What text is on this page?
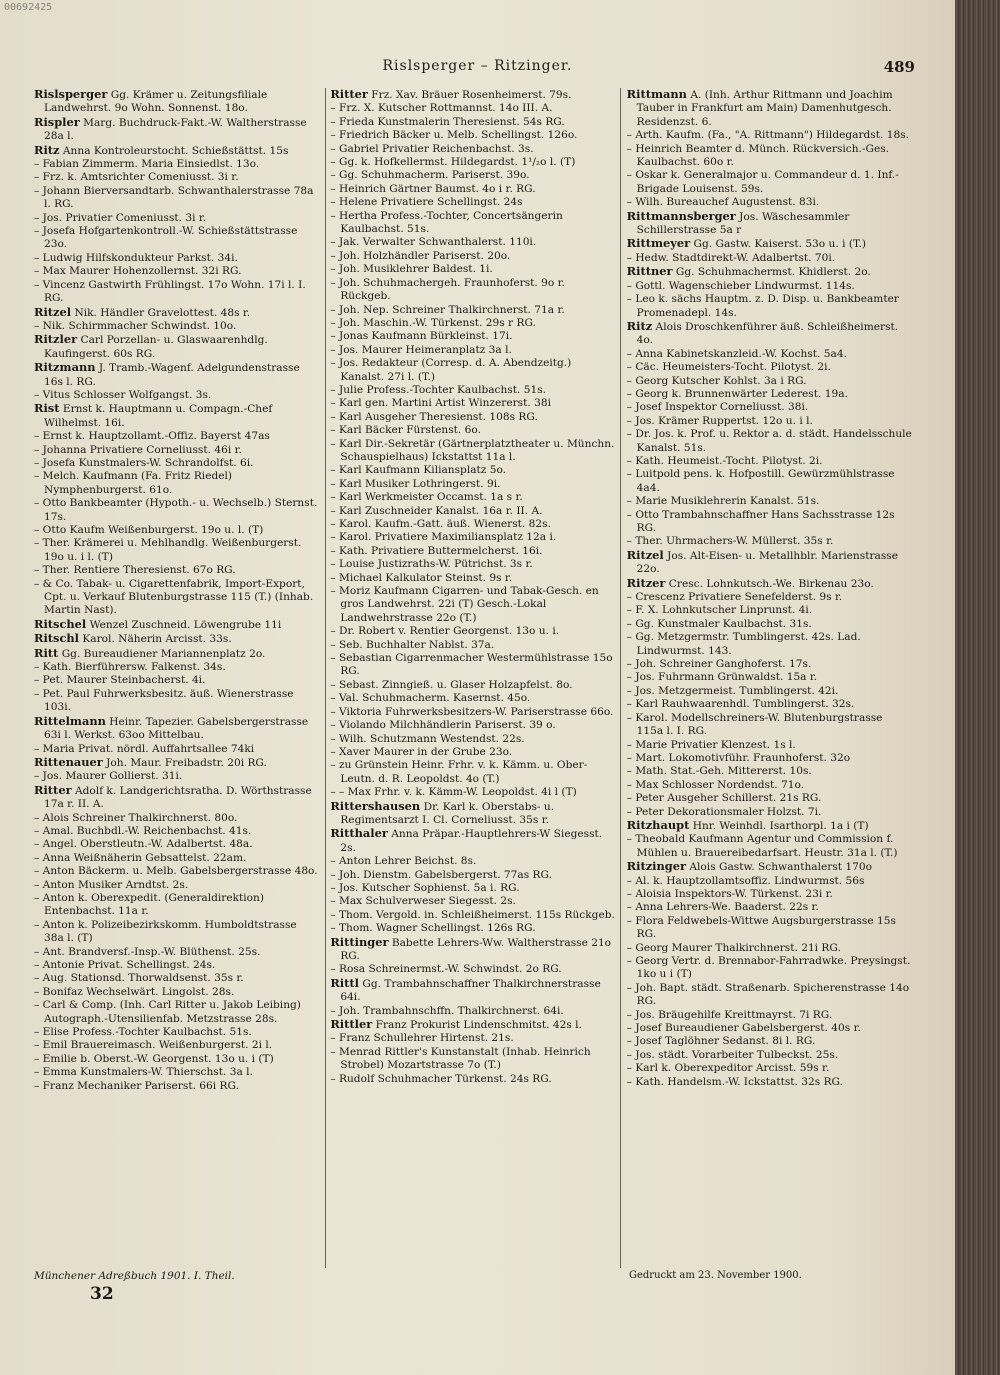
00692425
Rislsperger – Ritzinger.	489
Rislsperger Gg. Krämer u. Zeitungsfiliale Landwehrst. 9o Wohn. Sonnenst. 18o.
Rispler Marg. Buchdruck-Fakt.-W. Waltherstrasse 28a l.
Ritz Anna Kontroleurstocht. Schießstättst. 15s
– Fabian Zimmerm. Maria Einsiedlst. 13o.
– Frz. k. Amtsrichter Comeniusst. 3i r.
– Johann Bierversandtarb. Schwanthalerstrasse 78a l. RG.
– Jos. Privatier Comeniusst. 3i r.
– Josefa Hofgartenkontroll.-W. Schießstättstrasse 23o.
– Ludwig Hilfskondukteur Parkst. 34i.
– Max Maurer Hohenzollernst. 32i RG.
– Vincenz Gastwirth Frühlingst. 17o Wohn. 17i l. I. RG.
Ritzel Nik. Händler Gravelottest. 48s r.
– Nik. Schirmmacher Schwindst. 10o.
Ritzler Carl Porzellan- u. Glaswaarenhdlg. Kaufingerst. 60s RG.
Ritzmann J. Tramb.-Wagenf. Adelgundenstrasse 16s l. RG.
– Vitus Schlosser Wolfgangst. 3s.
Rist Ernst k. Hauptmann u. Compagn.-Chef Wilhelmst. 16i.
– Ernst k. Hauptzollamt.-Offiz. Bayerst 47as
– Johanna Privatiere Corneliusst. 46i r.
– Josefa Kunstmalers-W. Schrandolfst. 6i.
– Melch. Kaufmann (Fa. Fritz Riedel) Nymphenburgerst. 61o.
– Otto Bankbeamter (Hypoth.- u. Wechselb.) Sternst. 17s.
– Otto Kaufm Weißenburgerst. 19o u. l. (T)
– Ther. Krämerei u. Mehlhandlg. Weißenburgerst. 19o u. i l. (T)
– Ther. Rentiere Theresienst. 67o RG.
– & Co. Tabak- u. Cigarettenfabrik, Import-Export, Cpt. u. Verkauf Blutenburgstrasse 115 (T.) (Inhab. Martin Nast).
Ritschel Wenzel Zuschneid. Löwengrube 11i
Ritschl Karol. Näherin Arcisst. 33s.
Ritt Gg. Bureaudiener Mariannenplatz 2o.
– Kath. Bierführersw. Falkenst. 34s.
– Pet. Maurer Steinbacherst. 4i.
– Pet. Paul Fuhrwerksbesitz. äuß. Wienerstrasse 103i.
Rittelmann Heinr. Tapezier. Gabelsbergerstrasse 63i l. Werkst. 63oo Mittelbau.
– Maria Privat. nördl. Auffahrtsallee 74ki
Rittenauer Joh. Maur. Freibadstr. 20i RG.
– Jos. Maurer Gollierst. 31i.
Ritter Adolf k. Landgerichtsratha. D. Wörthstrasse 17a r. II. A.
– Alois Schreiner Thalkirchnerst. 80o.
– Amal. Buchbdl.-W. Reichenbachst. 41s.
– Angel. Oberstleutn.-W. Adalbertst. 48a.
– Anna Weißnäherin Gebsattelst. 22am.
– Anton Bäckerm. u. Melb. Gabelsbergerstrasse 48o.
– Anton Musiker Arndtst. 2s.
– Anton k. Oberexpedit. (Generaldirektion) Entenbachst. 11a r.
– Anton k. Polizeibezirkskomm. Humboldtstrasse 38a l. (T)
– Ant. Brandversf.-Insp.-W. Blüthenst. 25s.
– Antonie Privat. Schellingst. 24s.
– Aug. Stationsd. Thorwaldsenst. 35s r.
– Bonifaz Wechselwärt. Lingolst. 28s.
– Carl & Comp. (Inh. Carl Ritter u. Jakob Leibing) Autograph.-Utensilienfab. Metzstrasse 28s.
– Elise Profess.-Tochter Kaulbachst. 51s.
– Emil Brauereimasch. Weißenburgerst. 2i l.
– Emilie b. Oberst.-W. Georgenst. 13o u. i (T)
– Emma Kunstmalers-W. Thierschst. 3a l.
– Franz Mechaniker Pariserst. 66i RG.
Ritter Frz. Xav. Bräuer Rosenheimerst. 79s.
– Frz. X. Kutscher Rottmannst. 14o III. A.
– Frieda Kunstmalerin Theresienst. 54s RG.
– Friedrich Bäcker u. Melb. Schellingst. 126o.
– Gabriel Privatier Reichenbachst. 3s.
– Gg. k. Hofkellermst. Hildegardst. 1¹/₂o l. (T)
– Gg. Schuhmacherm. Pariserst. 39o.
– Heinrich Gärtner Baumst. 4o i r. RG.
– Helene Privatiere Schellingst. 24s
– Hertha Profess.-Tochter, Concertsängerin Kaulbachst. 51s.
– Jak. Verwalter Schwanthalerst. 110i.
– Joh. Holzhändler Pariserst. 20o.
– Joh. Musiklehrer Baldest. 1i.
– Joh. Schuhmachergeh. Fraunhoferst. 9o r. Rückgeb.
– Joh. Nep. Schreiner Thalkirchnerst. 71a r.
– Joh. Maschin.-W. Türkenst. 29s r RG.
– Jonas Kaufmann Bürkleinst. 17i.
– Jos. Maurer Heimeranplatz 3a l.
– Jos. Redakteur (Corresp. d. A. Abendzeitg.) Kanalst. 27i l. (T.)
– Julie Profess.-Tochter Kaulbachst. 51s.
– Karl gen. Martini Artist Winzererst. 38i
– Karl Ausgeher Theresienst. 108s RG.
– Karl Bäcker Fürstenst. 6o.
– Karl Dir.-Sekretär (Gärtnerplatztheater u. Münchn. Schauspielhaus) Ickstattst 11a l.
– Karl Kaufmann Kiliansplatz 5o.
– Karl Musiker Lothringerst. 9i.
– Karl Werkmeister Occamst. 1a s r.
– Karl Zuschneider Kanalst. 16a r. II. A.
– Karol. Kaufm.-Gatt. äuß. Wienerst. 82s.
– Karol. Privatiere Maximiliansplatz 12a i.
– Kath. Privatiere Buttermelcherst. 16i.
– Louise Justizraths-W. Pütrichst. 3s r.
– Michael Kalkulator Steinst. 9s r.
– Moriz Kaufmann Cigarren- und Tabak-Gesch. en gros Landwehrst. 22i (T) Gesch.-Lokal Landwehrstrasse 22o (T.)
– Dr. Robert v. Rentier Georgenst. 13o u. i.
– Seb. Buchhalter Nablst. 37a.
– Sebastian Cigarrenmacher Westermühlstrasse 15o RG.
– Sebast. Zinngieß. u. Glaser Holzapfelst. 8o.
– Val. Schuhmacherm. Kasernst. 45o.
– Viktoria Fuhrwerksbesitzers-W. Pariserstrasse 66o.
– Violando Milchhändlerin Pariserst. 39 o.
– Wilh. Schutzmann Westendst. 22s.
– Xaver Maurer in der Grube 23o.
– zu Grünstein Heinr. Frhr. v. k. Kämm. u. Ober-Leutn. d. R. Leopoldst. 4o (T.)
– – Max Frhr. v. k. Kämm-W. Leopoldst. 4i l (T)
Rittershausen Dr. Karl k. Oberstabs- u. Regimentsarzt I. Cl. Corneliusst. 35s r.
Ritthaler Anna Präpar.-Hauptlehrers-W Siegesst. 2s.
– Anton Lehrer Beichst. 8s.
– Joh. Dienstm. Gabelsbergerst. 77as RG.
– Jos. Kutscher Sophienst. 5a i. RG.
– Max Schulverweser Siegesst. 2s.
– Thom. Vergold. in. Schleißheimerst. 115s Rückgeb.
– Thom. Wagner Schellingst. 126s RG.
Rittinger Babette Lehrers-Ww. Waltherstrasse 21o RG.
– Rosa Schreinermst.-W. Schwindst. 2o RG.
Rittl Gg. Trambahnschaffner Thalkirchnerstrasse 64i.
– Joh. Trambahnschffn. Thalkirchnerst. 64i.
Rittler Franz Prokurist Lindenschmitst. 42s l.
– Franz Schullehrer Hirtenst. 21s.
– Menrad Rittler's Kunstanstalt (Inhab. Heinrich Strobel) Mozartstrasse 7o (T.)
– Rudolf Schuhmacher Türkenst. 24s RG.
Rittmann A. (Inh. Arthur Rittmann und Joachim Tauber in Frankfurt am Main) Damenhutgesch. Residenzst. 6.
– Arth. Kaufm. (Fa., "A. Rittmann") Hildegardst. 18s.
– Heinrich Beamter d. Münch. Rückversich.-Ges. Kaulbachst. 60o r.
– Oskar k. Generalmajor u. Commandeur d. 1. Inf.-Brigade Louisenst. 59s.
– Wilh. Bureauchef Augustenst. 83i.
Rittmannsberger Jos. Wäschesammler Schillerstrasse 5a r
Rittmeyer Gg. Gastw. Kaiserst. 53o u. i (T.)
– Hedw. Stadtdirekt-W. Adalbertst. 70i.
Rittner Gg. Schuhmachermst. Khidlerst. 2o.
– Gottl. Wagenschieber Lindwurmst. 114s.
– Leo k. sächs Hauptm. z. D. Disp. u. Bankbeamter Promenadepl. 14s.
Ritz Alois Droschkenführer äuß. Schleißheimerst. 4o.
– Anna Kabinetskanzleid.-W. Kochst. 5a4.
– Cäc. Heumeisters-Tocht. Pilotyst. 2i.
– Georg Kutscher Kohlst. 3a i RG.
– Georg k. Brunnenwärter Lederest. 19a.
– Josef Inspektor Corneliusst. 38i.
– Jos. Krämer Ruppertst. 12o u. i l.
– Dr. Jos. k. Prof. u. Rektor a. d. städt. Handelsschule Kanalst. 51s.
– Kath. Heumeist.-Tocht. Pilotyst. 2i.
– Luitpold pens. k. Hofpostill. Gewürzmühlstrasse 4a4.
– Marie Musiklehrerin Kanalst. 51s.
– Otto Trambahnschaffner Hans Sachsstrasse 12s RG.
– Ther. Uhrmachers-W. Müllerst. 35s r.
Ritzel Jos. Alt-Eisen- u. Metallhblr. Marienstrasse 22o.
Ritzer Cresc. Lohnkutsch.-We. Birkenau 23o.
– Crescenz Privatiere Senefelderst. 9s r.
– F. X. Lohnkutscher Linprunst. 4i.
– Gg. Kunstmaler Kaulbachst. 31s.
– Gg. Metzgermstr. Tumblingerst. 42s. Lad. Lindwurmst. 143.
– Joh. Schreiner Ganghoferst. 17s.
– Jos. Fuhrmann Grünwaldst. 15a r.
– Jos. Metzgermeist. Tumblingerst. 42i.
– Karl Rauhwaarenhdl. Tumblingerst. 32s.
– Karol. Modellschreiners-W. Blutenburgstrasse 115a l. I. RG.
– Marie Privatier Klenzest. 1s l.
– Mart. Lokomotivführ. Fraunhoferst. 32o
– Math. Stat.-Geh. Mittererst. 10s.
– Max Schlosser Nordendst. 71o.
– Peter Ausgeher Schillerst. 21s RG.
– Peter Dekorationsmaler Holzst. 7i.
Ritzhaupt Hnr. Weinhdl. Isarthorpl. 1a i (T)
– Theobald Kaufmann Agentur und Commission f. Mühlen u. Brauereibedarfsart. Heustr. 31a l. (T.)
Ritzinger Alois Gastw. Schwanthalerst 170o
– Al. k. Hauptzollamtsoffiz. Lindwurmst. 56s
– Aloisia Inspektors-W. Türkenst. 23i r.
– Anna Lehrers-We. Baaderst. 22s r.
– Flora Feldwebels-Wittwe Augsburgerstrasse 15s RG.
– Georg Maurer Thalkirchnerst. 21i RG.
– Georg Vertr. d. Brennabor-Fahrradwke. Preysingst. 1ko u i (T)
– Joh. Bapt. städt. Straßenarb. Spicherenstrasse 14o RG.
– Jos. Bräugehilfe Kreittmayrst. 7i RG.
– Josef Bureaudiener Gabelsbergerst. 40s r.
– Josef Taglöhner Sedanst. 8i l. RG.
– Jos. städt. Vorarbeiter Tulbeckst. 25s.
– Karl k. Oberexpeditor Arcisst. 59s r.
– Kath. Handelsm.-W. Ickstattst. 32s RG.
Münchener Adreßbuch 1901. I. Theil.
32
Gedruckt am 23. November 1900.
